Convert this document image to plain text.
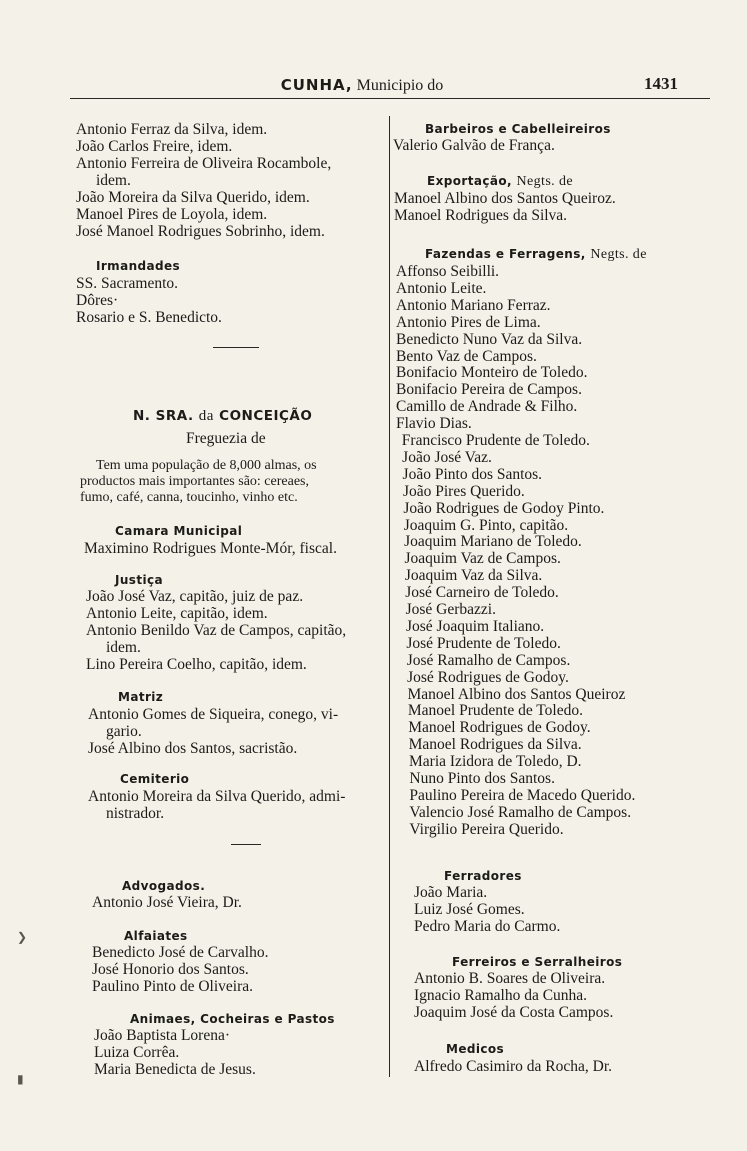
CUNHA, Municipio do	1431
Antonio Ferraz da Silva, idem.
João Carlos Freire, idem.
Antonio Ferreira de Oliveira Rocambole,
idem.
João Moreira da Silva Querido, idem.
Manoel Pires de Loyola, idem.
José Manoel Rodrigues Sobrinho, idem.
Irmandades
SS. Sacramento.
Dôres·
Rosario e S. Benedicto.
N. SRA. da CONCEIÇÃO
Freguezia de
Tem uma população de 8,000 almas, os
productos mais importantes são: cereaes,
fumo, café, canna, toucinho, vinho etc.
Camara Municipal
Maximino Rodrigues Monte-Mór, fiscal.
Justiça
João José Vaz, capitão, juiz de paz.
Antonio Leite, capitão, idem.
Antonio Benildo Vaz de Campos, capitão,
idem.
Lino Pereira Coelho, capitão, idem.
Matriz
Antonio Gomes de Siqueira, conego, vi-
gario.
José Albino dos Santos, sacristão.
Cemiterio
Antonio Moreira da Silva Querido, admi-
nistrador.
Advogados.
Antonio José Vieira, Dr.
Alfaiates
Benedicto José de Carvalho.
José Honorio dos Santos.
Paulino Pinto de Oliveira.
Animaes, Cocheiras e Pastos
João Baptista Lorena·
Luiza Corrêa.
Maria Benedicta de Jesus.
Barbeiros e Cabelleireiros
Valerio Galvão de França.
Exportação, Negts. de
Manoel Albino dos Santos Queiroz.
Manoel Rodrigues da Silva.
Fazendas e Ferragens, Negts. de
Affonso Seibilli.
Antonio Leite.
Antonio Mariano Ferraz.
Antonio Pires de Lima.
Benedicto Nuno Vaz da Silva.
Bento Vaz de Campos.
Bonifacio Monteiro de Toledo.
Bonifacio Pereira de Campos.
Camillo de Andrade & Filho.
Flavio Dias.
Francisco Prudente de Toledo.
João José Vaz.
João Pinto dos Santos.
João Pires Querido.
João Rodrigues de Godoy Pinto.
Joaquim G. Pinto, capitão.
Joaquim Mariano de Toledo.
Joaquim Vaz de Campos.
Joaquim Vaz da Silva.
José Carneiro de Toledo.
José Gerbazzi.
José Joaquim Italiano.
José Prudente de Toledo.
José Ramalho de Campos.
José Rodrigues de Godoy.
Manoel Albino dos Santos Queiroz
Manoel Prudente de Toledo.
Manoel Rodrigues de Godoy.
Manoel Rodrigues da Silva.
Maria Izidora de Toledo, D.
Nuno Pinto dos Santos.
Paulino Pereira de Macedo Querido.
Valencio José Ramalho de Campos.
Virgilio Pereira Querido.
Ferradores
João Maria.
Luiz José Gomes.
Pedro Maria do Carmo.
Ferreiros e Serralheiros
Antonio B. Soares de Oliveira.
Ignacio Ramalho da Cunha.
Joaquim José da Costa Campos.
Medicos
Alfredo Casimiro da Rocha, Dr.
❯
▮
